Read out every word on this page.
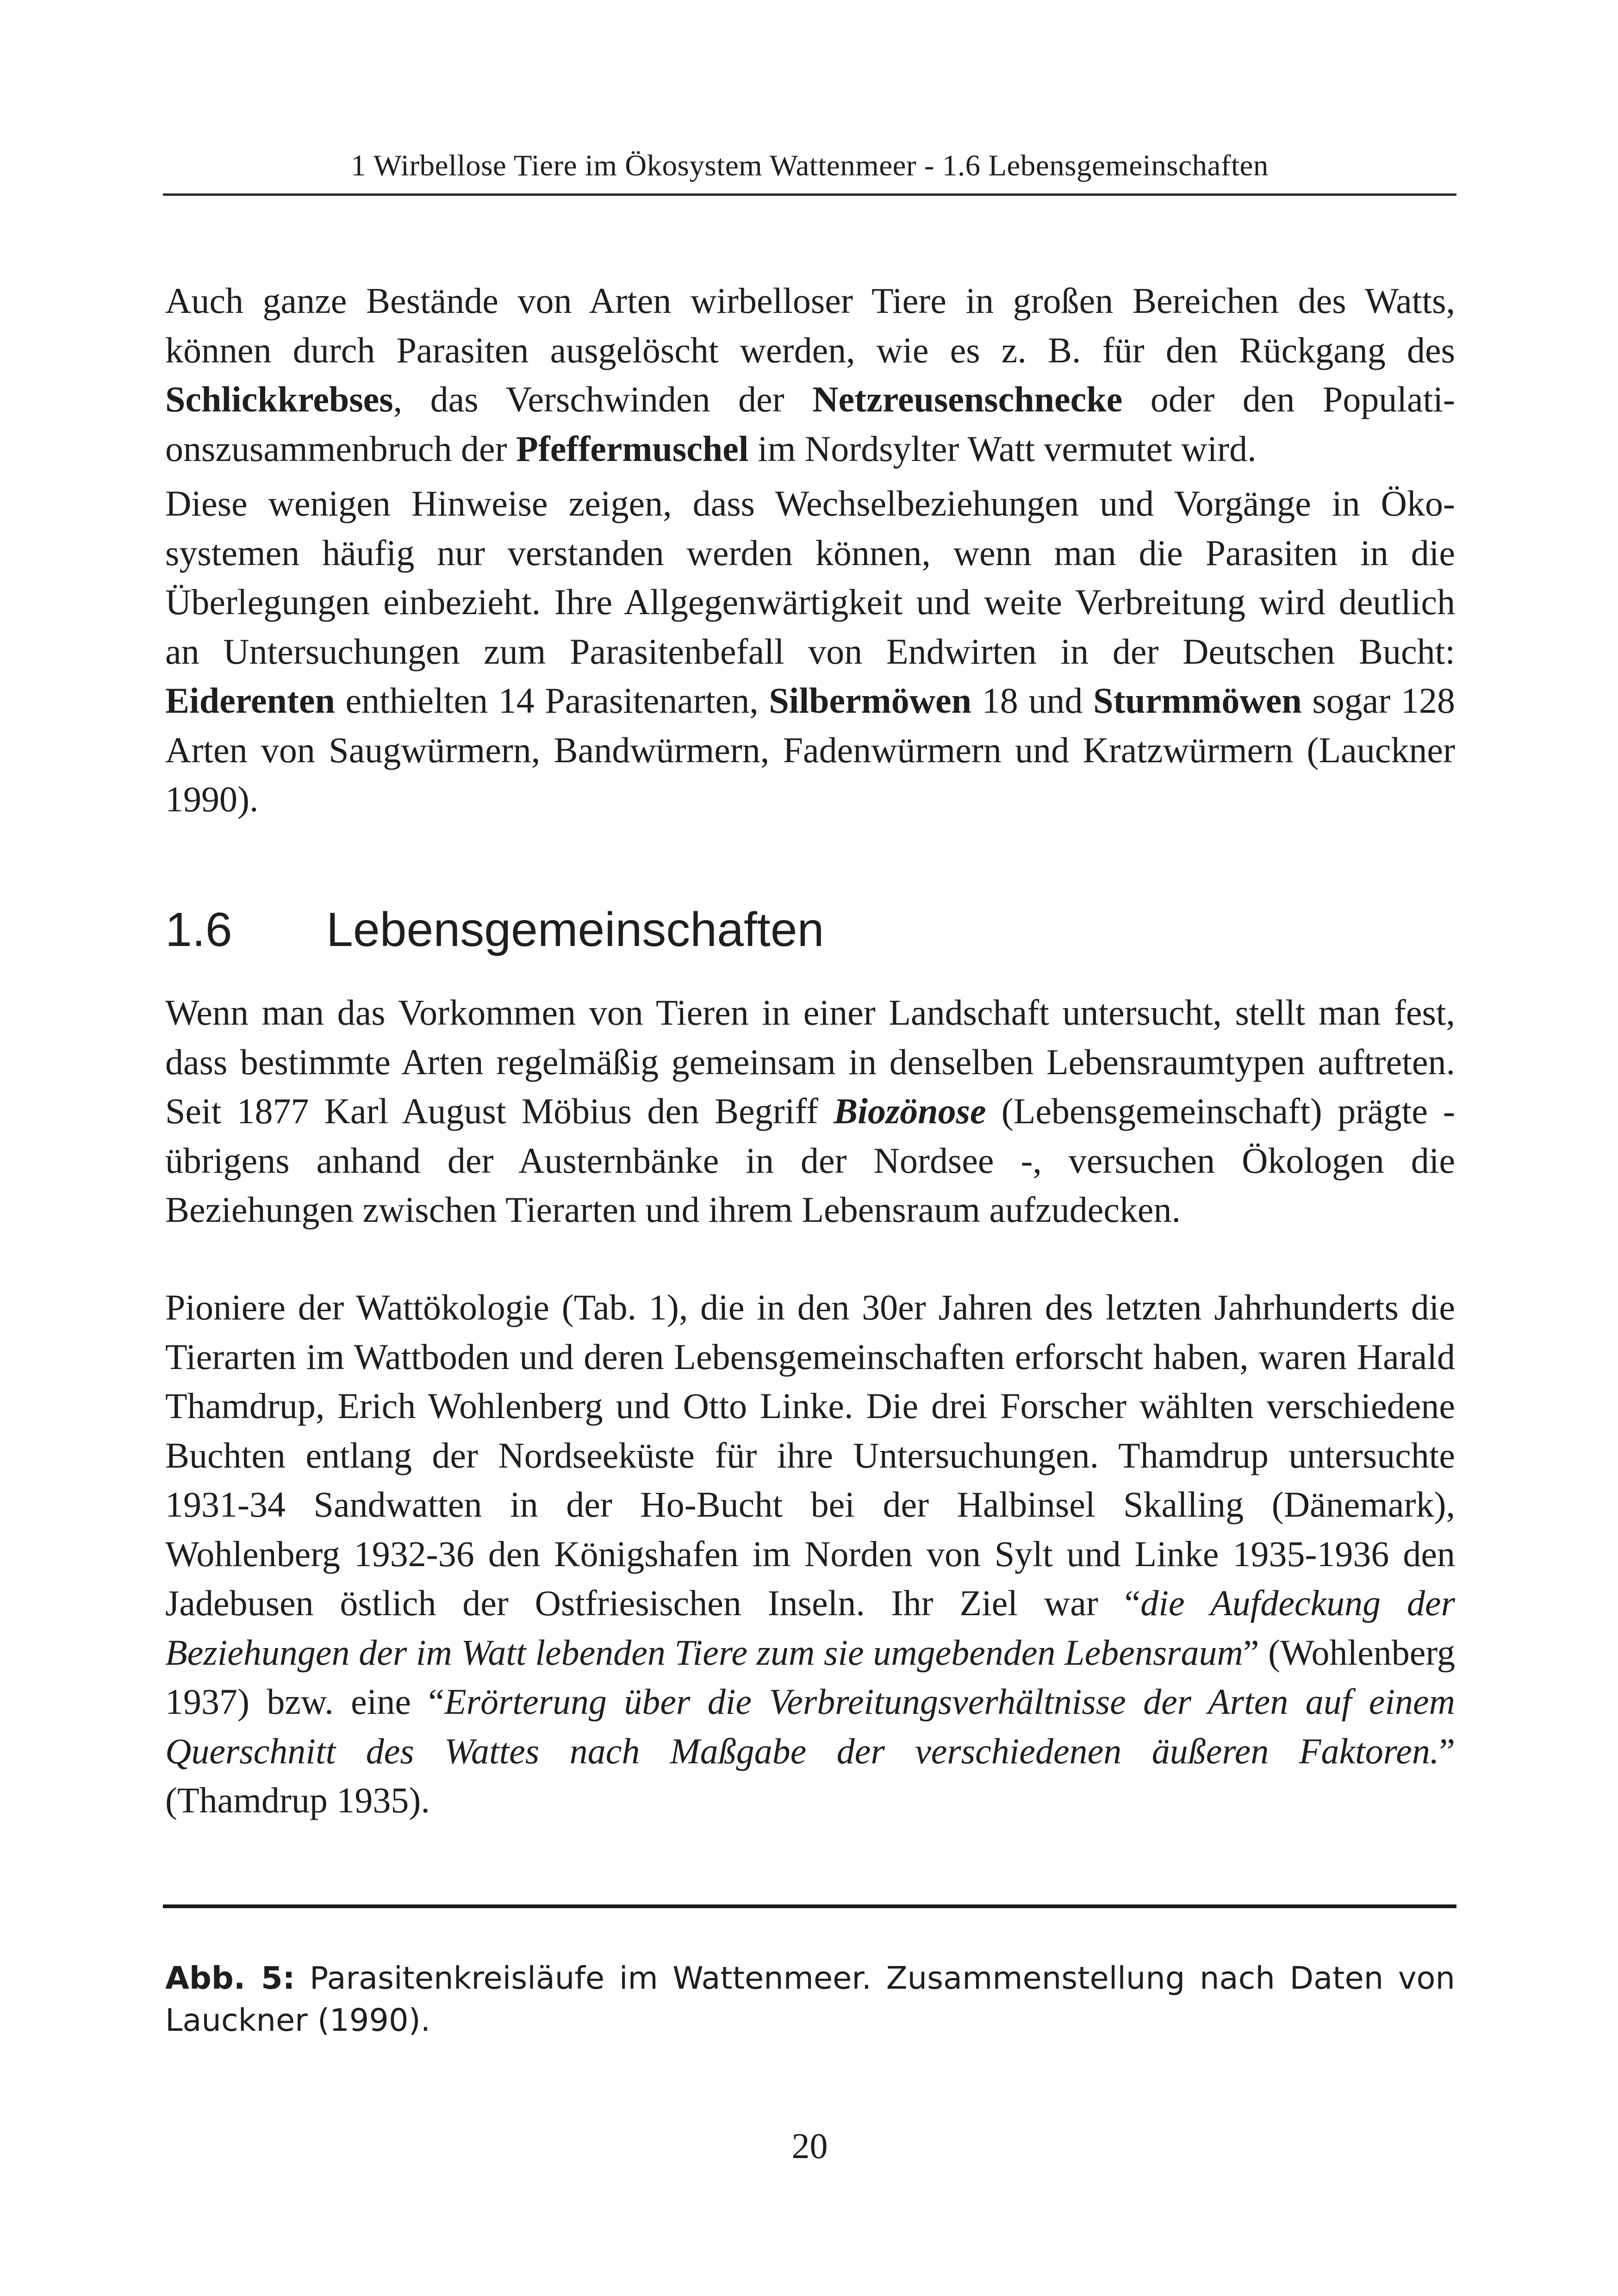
1 Wirbellose Tiere im Ökosystem Wattenmeer - 1.6 Lebensgemeinschaften

Auch ganze Bestände von Arten wirbelloser Tiere in großen Bereichen des Watts, können durch Parasiten ausgelöscht werden, wie es z. B. für den Rückgang des Schlickkrebses, das Verschwinden der Netzreusenschnecke oder den Populationszusammenbruch der Pfeffermuschel im Nordsylter Watt vermutet wird.

Diese wenigen Hinweise zeigen, dass Wechselbeziehungen und Vorgänge in Ökosystemen häufig nur verstanden werden können, wenn man die Parasiten in die Überlegungen einbezieht. Ihre Allgegenwärtigkeit und weite Verbreitung wird deutlich an Untersuchungen zum Parasitenbefall von Endwirten in der Deutschen Bucht: Eiderenten enthielten 14 Parasitenarten, Silbermöwen 18 und Sturmmöwen sogar 128 Arten von Saugwürmern, Bandwürmern, Fadenwürmern und Kratzwürmern (Lauckner 1990).

1.6 Lebensgemeinschaften

Wenn man das Vorkommen von Tieren in einer Landschaft untersucht, stellt man fest, dass bestimmte Arten regelmäßig gemeinsam in denselben Lebensraumtypen auftreten. Seit 1877 Karl August Möbius den Begriff Biozönose (Lebensgemeinschaft) prägte - übrigens anhand der Austernbänke in der Nordsee -, versuchen Ökologen die Beziehungen zwischen Tierarten und ihrem Lebensraum aufzudecken.

Pioniere der Wattökologie (Tab. 1), die in den 30er Jahren des letzten Jahrhunderts die Tierarten im Wattboden und deren Lebensgemeinschaften erforscht haben, waren Harald Thamdrup, Erich Wohlenberg und Otto Linke. Die drei Forscher wählten verschiedene Buchten entlang der Nordseeküste für ihre Untersuchungen. Thamdrup untersuchte 1931-34 Sandwatten in der Ho-Bucht bei der Halbinsel Skalling (Dänemark), Wohlenberg 1932-36 den Königshafen im Norden von Sylt und Linke 1935-1936 den Jadebusen östlich der Ostfriesischen Inseln. Ihr Ziel war “die Aufdeckung der Beziehungen der im Watt lebenden Tiere zum sie umgebenden Lebensraum” (Wohlenberg 1937) bzw. eine “Erörterung über die Verbreitungsverhältnisse der Arten auf einem Querschnitt des Wattes nach Maßgabe der verschiedenen äußeren Faktoren.” (Thamdrup 1935).

Abb. 5: Parasitenkreisläufe im Wattenmeer. Zusammenstellung nach Daten von Lauckner (1990).
20
